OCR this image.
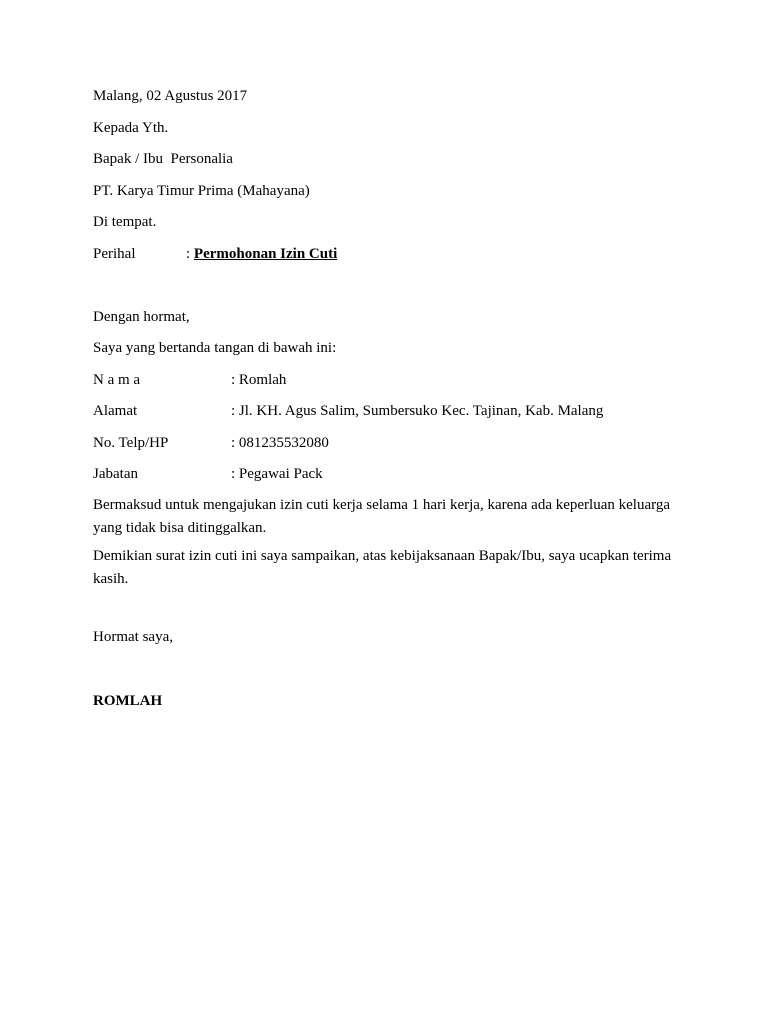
Malang, 02 Agustus 2017
Kepada Yth.
Bapak / Ibu  Personalia
PT. Karya Timur Prima (Mahayana)
Di tempat.
Perihal	: Permohonan Izin Cuti
Dengan hormat,
Saya yang bertanda tangan di bawah ini:
N a m a	: Romlah
Alamat	: Jl. KH. Agus Salim, Sumbersuko Kec. Tajinan, Kab. Malang
No. Telp/HP	: 081235532080
Jabatan	: Pegawai Pack
Bermaksud untuk mengajukan izin cuti kerja selama 1 hari kerja, karena ada keperluan keluarga yang tidak bisa ditinggalkan.
Demikian surat izin cuti ini saya sampaikan, atas kebijaksanaan Bapak/Ibu, saya ucapkan terima kasih.
Hormat saya,
ROMLAH
